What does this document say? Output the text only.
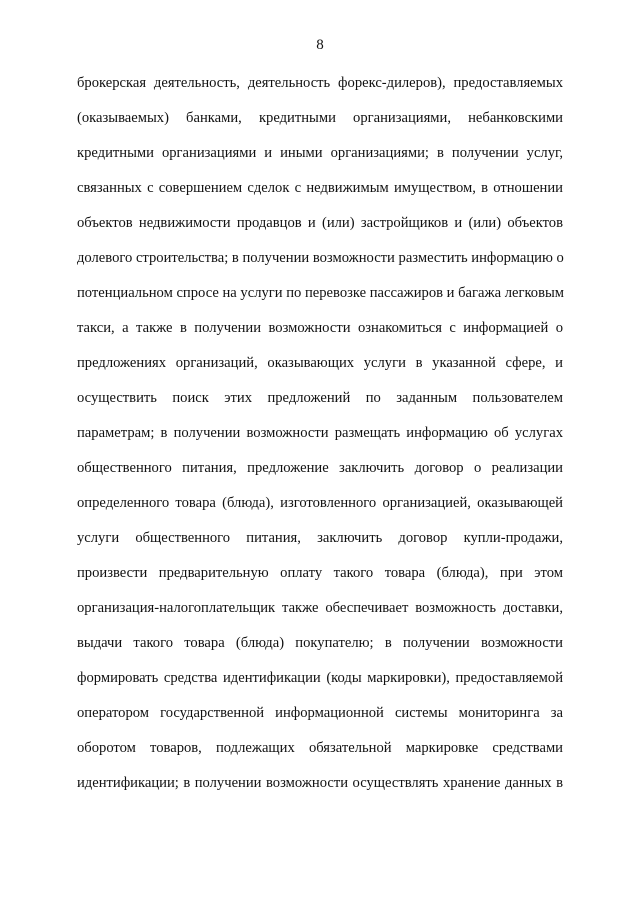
8
брокерская деятельность, деятельность форекс-дилеров), предоставляемых
(оказываемых) банками, кредитными организациями, небанковскими
кредитными организациями и иными организациями; в получении услуг,
связанных с совершением сделок с недвижимым имуществом, в отношении
объектов недвижимости продавцов и (или) застройщиков и (или) объектов
долевого строительства; в получении возможности разместить информацию о
потенциальном спросе на услуги по перевозке пассажиров и багажа легковым
такси, а также в получении возможности ознакомиться с информацией о
предложениях организаций, оказывающих услуги в указанной сфере, и
осуществить поиск этих предложений по заданным пользователем
параметрам; в получении возможности размещать информацию об услугах
общественного питания, предложение заключить договор о реализации
определенного товара (блюда), изготовленного организацией, оказывающей
услуги общественного питания, заключить договор купли-продажи,
произвести предварительную оплату такого товара (блюда), при этом
организация-налогоплательщик также обеспечивает возможность доставки,
выдачи такого товара (блюда) покупателю; в получении возможности
формировать средства идентификации (коды маркировки), предоставляемой
оператором государственной информационной системы мониторинга за
оборотом товаров, подлежащих обязательной маркировке средствами
идентификации; в получении возможности осуществлять хранение данных в
